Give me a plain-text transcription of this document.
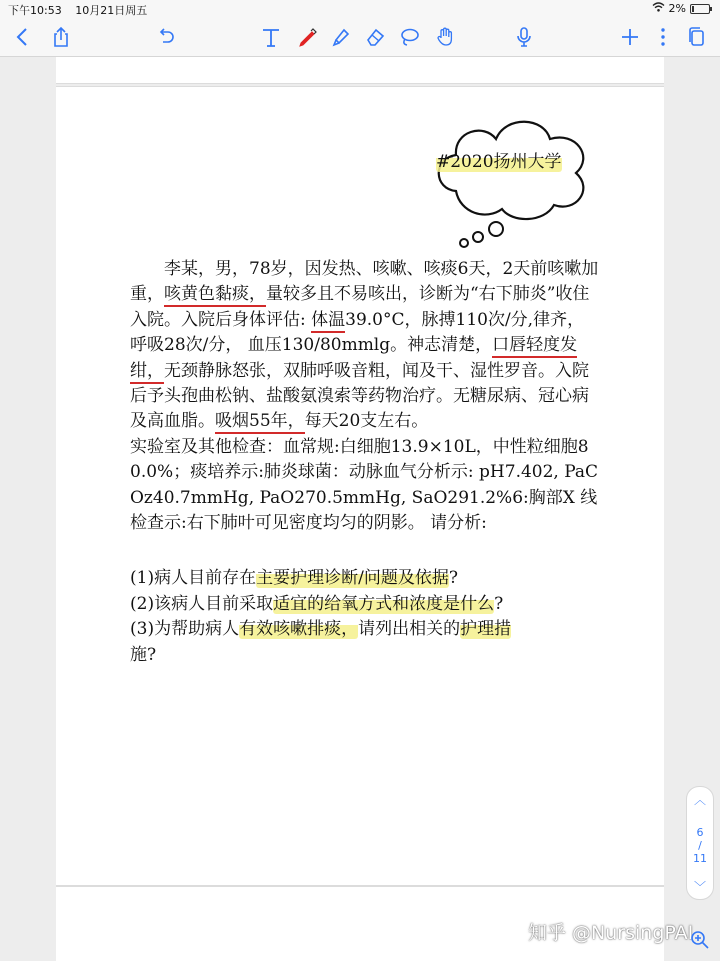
下午10:53 10月21日周五	2%
#2020扬州大学

李某，男，78岁，因发热、咳嗽、咳痰6天，2天前咳嗽加重，咳黄色黏痰，量较多且不易咳出，诊断为“右下肺炎”收住入院。入院后身体评估: 体温39.0°C，脉搏110次/分,律齐， 呼吸28次/分， 血压130/80mmlg。神志清楚，口唇轻度发绀，无颈静脉怒张，双肺呼吸音粗，闻及干、湿性罗音。入院后予头孢曲松钠、盐酸氨溴索等药物治疗。无糖尿病、冠心病及高血脂。吸烟55年，每天20支左右。

实验室及其他检查：血常规:白细胞13.9×10L，中性粒细胞80.0%；痰培养示:肺炎球菌：动脉血气分析示: pH7.402, PaCOz40.7mmHg, PaO270.5mmHg, SaO291.2%6:胸部X 线检查示:右下肺叶可见密度均匀的阴影。 请分析:

(1)病人目前存在主要护理诊断/问题及依据?

(2)该病人目前采取适宜的给氧方式和浓度是什么?

(3)为帮助病人有效咳嗽排痰，请列出相关的护理措
施?

︿
6
/
11
﹀
知乎 @NursingPAI
